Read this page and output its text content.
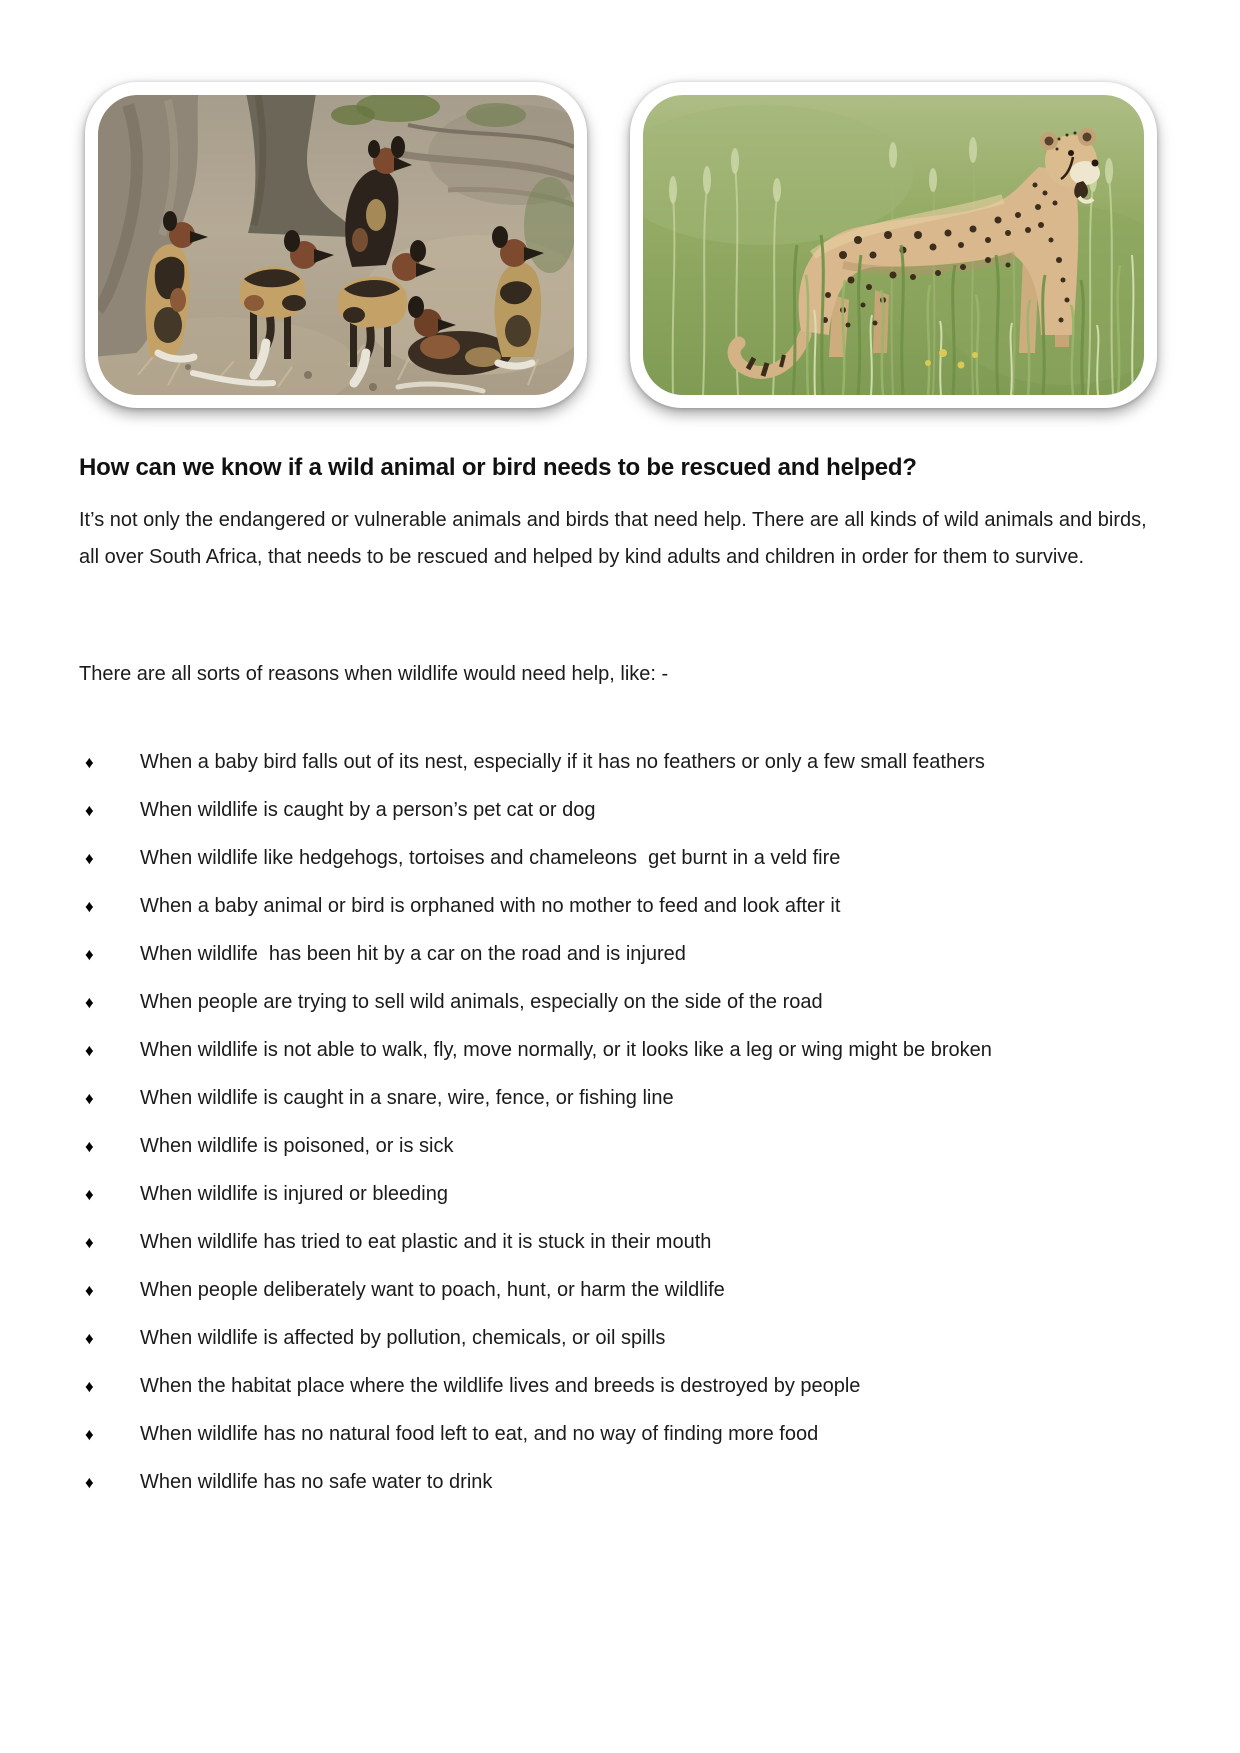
How can we know if a wild animal or bird needs to be rescued and helped?

It’s not only the endangered or vulnerable animals and birds that need help. There are all kinds of wild animals and birds, all over South Africa, that needs to be rescued and helped by kind adults and children in order for them to survive.

There are all sorts of reasons when wildlife would need help, like: -

♦ When a baby bird falls out of its nest, especially if it has no feathers or only a few small feathers
♦ When wildlife is caught by a person’s pet cat or dog
♦ When wildlife like hedgehogs, tortoises and chameleons  get burnt in a veld fire
♦ When a baby animal or bird is orphaned with no mother to feed and look after it
♦ When wildlife  has been hit by a car on the road and is injured
♦ When people are trying to sell wild animals, especially on the side of the road
♦ When wildlife is not able to walk, fly, move normally, or it looks like a leg or wing might be broken
♦ When wildlife is caught in a snare, wire, fence, or fishing line
♦ When wildlife is poisoned, or is sick
♦ When wildlife is injured or bleeding
♦ When wildlife has tried to eat plastic and it is stuck in their mouth
♦ When people deliberately want to poach, hunt, or harm the wildlife
♦ When wildlife is affected by pollution, chemicals, or oil spills
♦ When the habitat place where the wildlife lives and breeds is destroyed by people
♦ When wildlife has no natural food left to eat, and no way of finding more food
♦ When wildlife has no safe water to drink
